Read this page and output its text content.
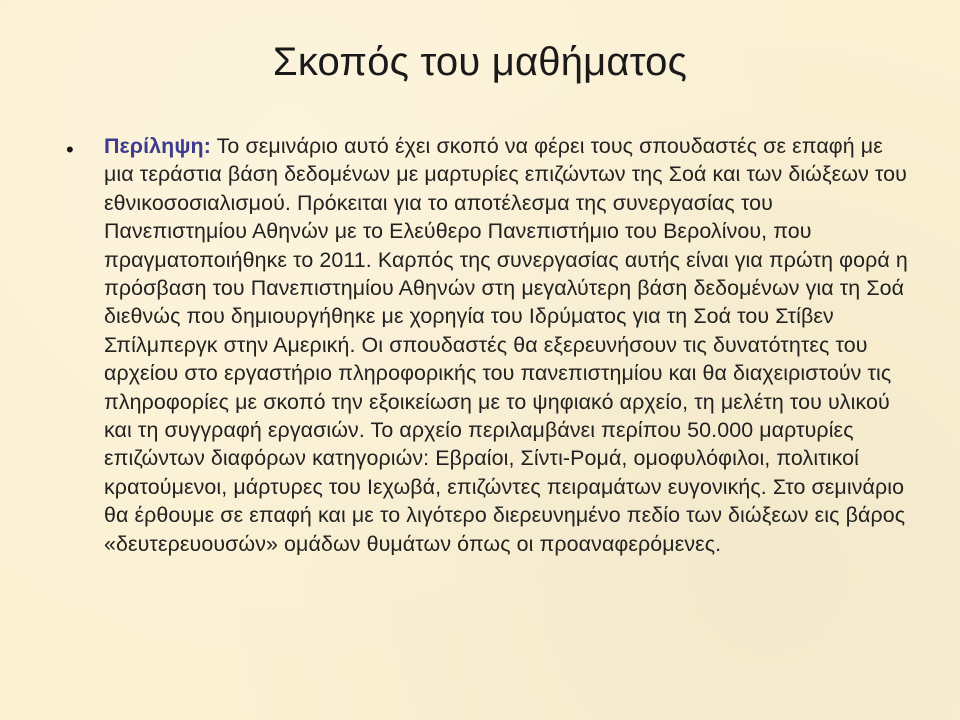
Σκοπός του μαθήματος
• Περίληψη: Το σεμινάριο αυτό έχει σκοπό να φέρει τους σπουδαστές σε επαφή με μια τεράστια βάση δεδομένων με μαρτυρίες επιζώντων της Σοά και των διώξεων του εθνικοσοσιαλισμού. Πρόκειται για το αποτέλεσμα της συνεργασίας του Πανεπιστημίου Αθηνών με το Ελεύθερο Πανεπιστήμιο του Βερολίνου, που πραγματοποιήθηκε το 2011. Καρπός της συνεργασίας αυτής είναι για πρώτη φορά η πρόσβαση του Πανεπιστημίου Αθηνών στη μεγαλύτερη βάση δεδομένων για τη Σοά διεθνώς που δημιουργήθηκε με χορηγία του Ιδρύματος για τη Σοά του Στίβεν Σπίλμπεργκ στην Αμερική. Οι σπουδαστές θα εξερευνήσουν τις δυνατότητες του αρχείου στο εργαστήριο πληροφορικής του πανεπιστημίου και θα διαχειριστούν τις πληροφορίες με σκοπό την εξοικείωση με το ψηφιακό αρχείο, τη μελέτη του υλικού και τη συγγραφή εργασιών. Το αρχείο περιλαμβάνει περίπου 50.000 μαρτυρίες επιζώντων διαφόρων κατηγοριών: Εβραίοι, Σίντι-Ρομά, ομοφυλόφιλοι, πολιτικοί κρατούμενοι, μάρτυρες του Ιεχωβά, επιζώντες πειραμάτων ευγονικής. Στο σεμινάριο θα έρθουμε σε επαφή και με το λιγότερο διερευνημένο πεδίο των διώξεων εις βάρος «δευτερευουσών» ομάδων θυμάτων όπως οι προαναφερόμενες.
